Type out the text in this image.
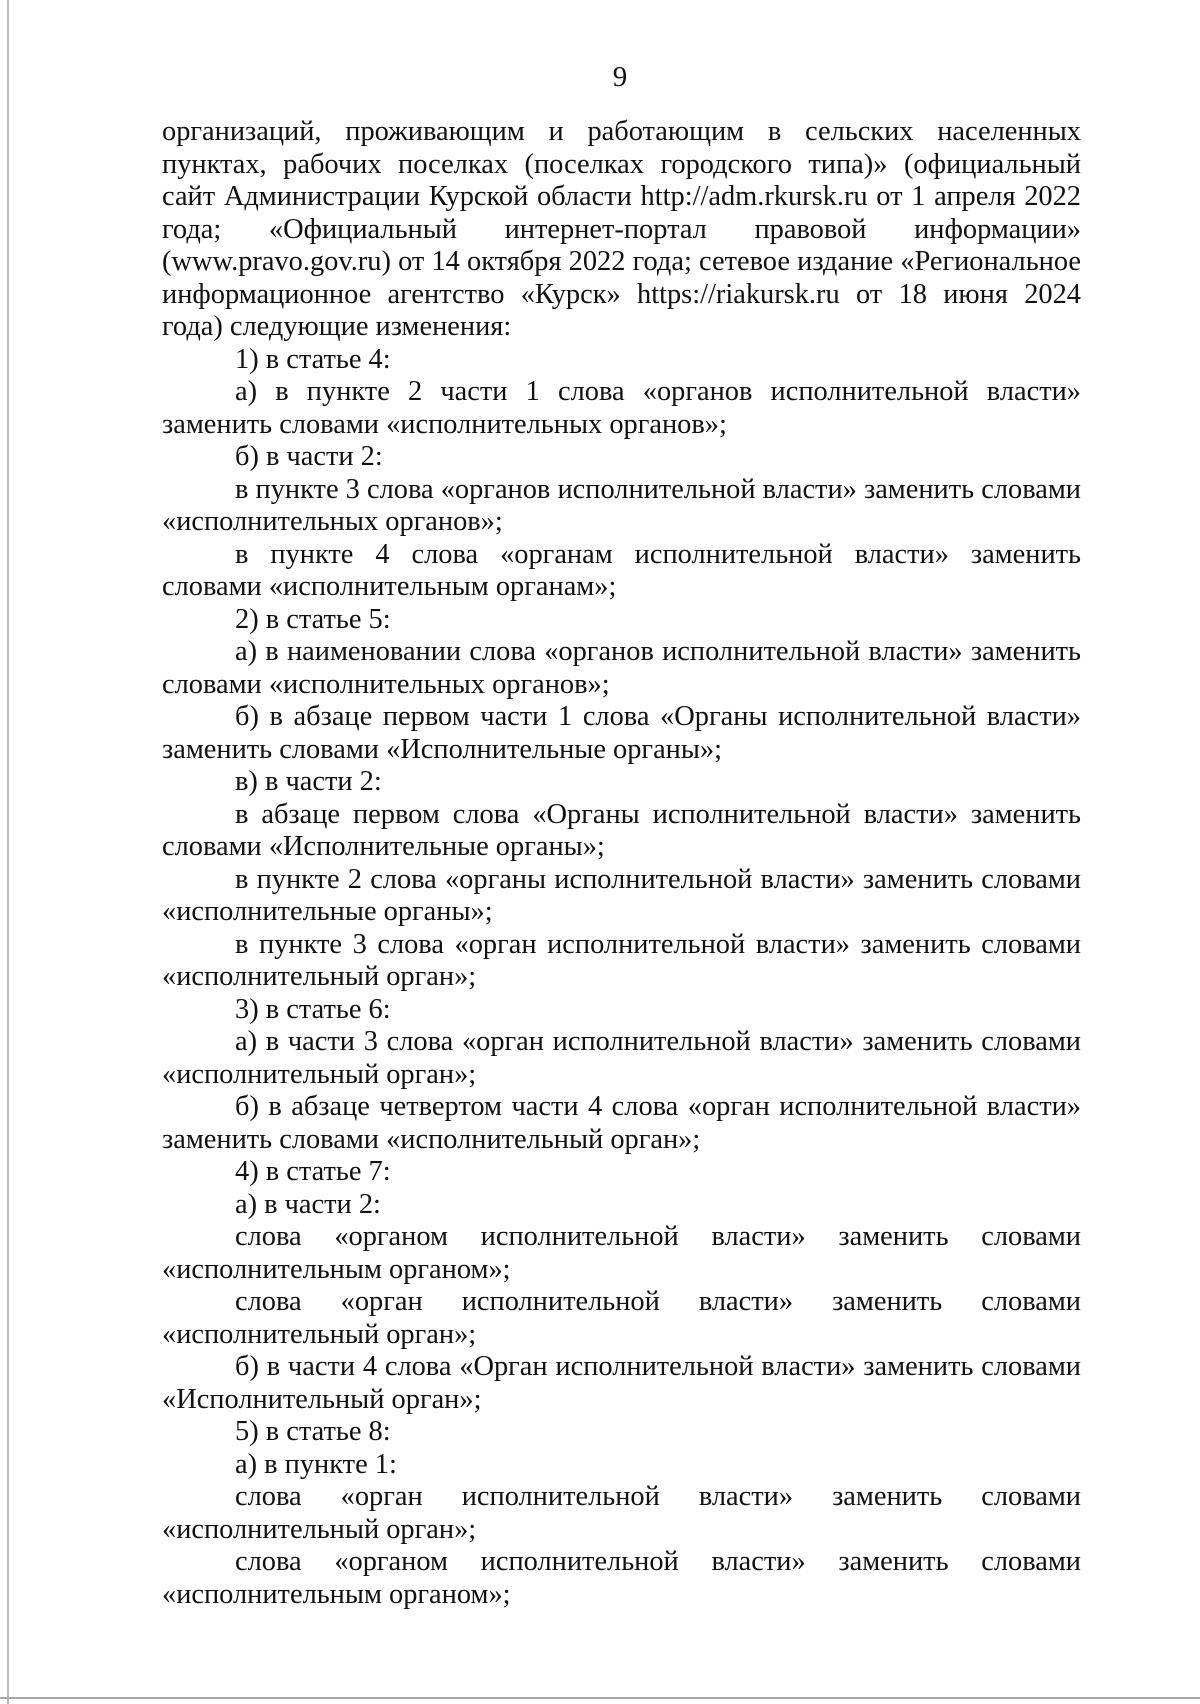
9

организаций, проживающим и работающим в сельских населенных пунктах, рабочих поселках (поселках городского типа)» (официальный сайт Администрации Курской области http://adm.rkursk.ru от 1 апреля 2022 года; «Официальный интернет-портал правовой информации» (www.pravo.gov.ru) от 14 октября 2022 года; сетевое издание «Региональное информационное агентство «Курск» https://riakursk.ru от 18 июня 2024 года) следующие изменения:

1) в статье 4:

а) в пункте 2 части 1 слова «органов исполнительной власти» заменить словами «исполнительных органов»;

б) в части 2:

в пункте 3 слова «органов исполнительной власти» заменить словами «исполнительных органов»;

в пункте 4 слова «органам исполнительной власти» заменить словами «исполнительным органам»;

2) в статье 5:

а) в наименовании слова «органов исполнительной власти» заменить словами «исполнительных органов»;

б) в абзаце первом части 1 слова «Органы исполнительной власти» заменить словами «Исполнительные органы»;

в) в части 2:

в абзаце первом слова «Органы исполнительной власти» заменить словами «Исполнительные органы»;

в пункте 2 слова «органы исполнительной власти» заменить словами «исполнительные органы»;

в пункте 3 слова «орган исполнительной власти» заменить словами «исполнительный орган»;

3) в статье 6:

а) в части 3 слова «орган исполнительной власти» заменить словами «исполнительный орган»;

б) в абзаце четвертом части 4 слова «орган исполнительной власти» заменить словами «исполнительный орган»;

4) в статье 7:

а) в части 2:

слова «органом исполнительной власти» заменить словами «исполнительным органом»;

слова «орган исполнительной власти» заменить словами «исполнительный орган»;

б) в части 4 слова «Орган исполнительной власти» заменить словами «Исполнительный орган»;

5) в статье 8:

а) в пункте 1:

слова «орган исполнительной власти» заменить словами «исполнительный орган»;

слова «органом исполнительной власти» заменить словами «исполнительным органом»;
